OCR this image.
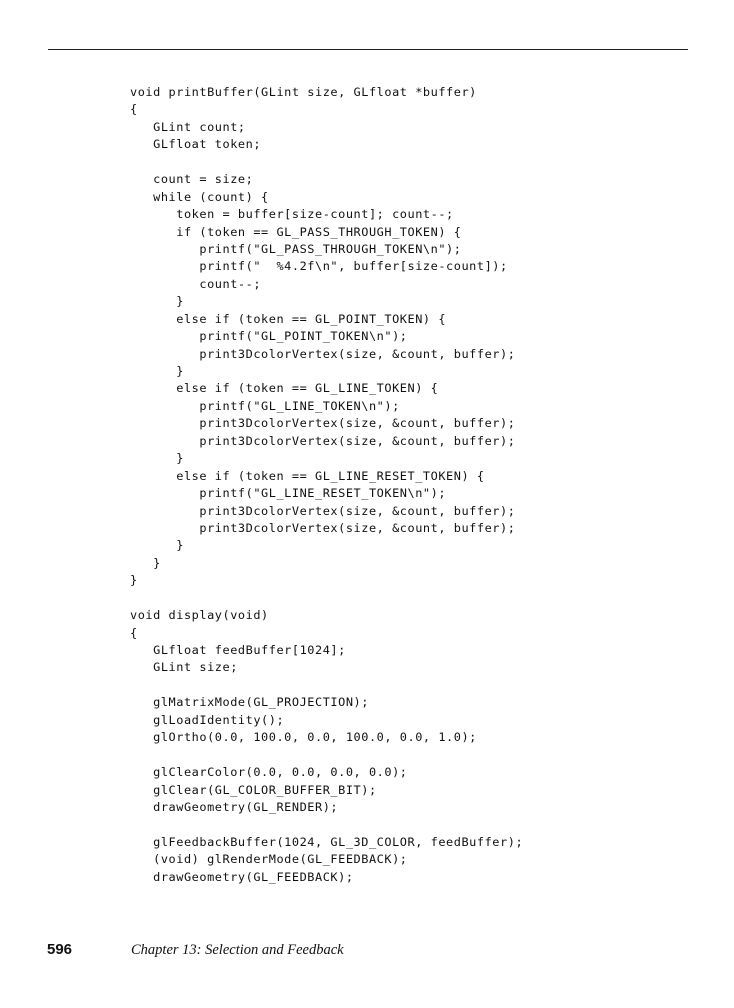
void printBuffer(GLint size, GLfloat *buffer)
{
GLint count;
GLfloat token;
count = size;
while (count) {
token = buffer[size-count]; count--;
if (token == GL_PASS_THROUGH_TOKEN) {
printf("GL_PASS_THROUGH_TOKEN\n");
printf("  %4.2f\n", buffer[size-count]);
count--;
}
else if (token == GL_POINT_TOKEN) {
printf("GL_POINT_TOKEN\n");
print3DcolorVertex(size, &count, buffer);
}
else if (token == GL_LINE_TOKEN) {
printf("GL_LINE_TOKEN\n");
print3DcolorVertex(size, &count, buffer);
print3DcolorVertex(size, &count, buffer);
}
else if (token == GL_LINE_RESET_TOKEN) {
printf("GL_LINE_RESET_TOKEN\n");
print3DcolorVertex(size, &count, buffer);
print3DcolorVertex(size, &count, buffer);
}
}
}
void display(void)
{
GLfloat feedBuffer[1024];
GLint size;
glMatrixMode(GL_PROJECTION);
glLoadIdentity();
glOrtho(0.0, 100.0, 0.0, 100.0, 0.0, 1.0);
glClearColor(0.0, 0.0, 0.0, 0.0);
glClear(GL_COLOR_BUFFER_BIT);
drawGeometry(GL_RENDER);
glFeedbackBuffer(1024, GL_3D_COLOR, feedBuffer);
(void) glRenderMode(GL_FEEDBACK);
drawGeometry(GL_FEEDBACK);
596	Chapter 13: Selection and Feedback
